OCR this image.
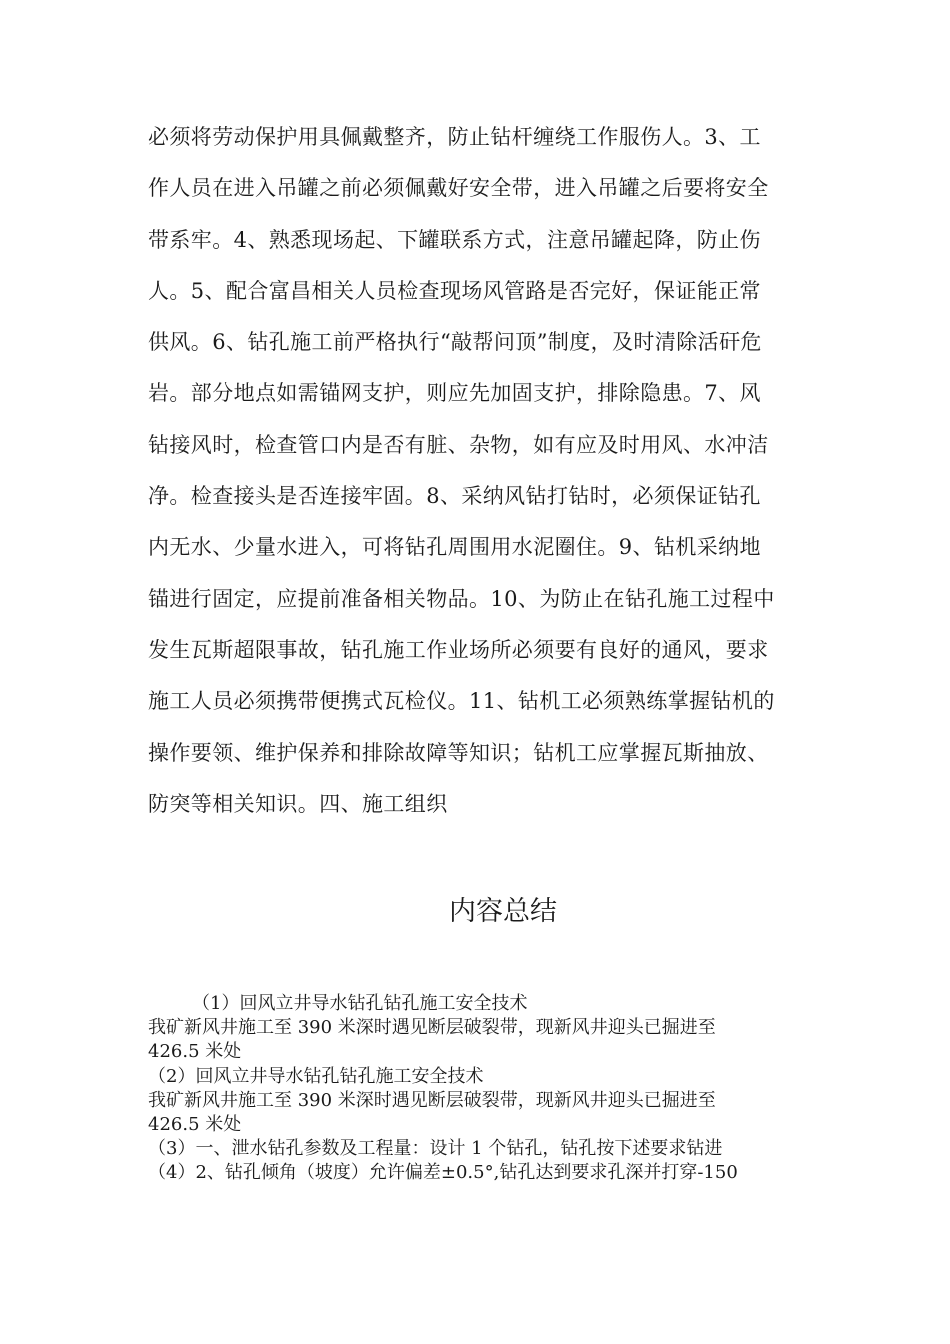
必须将劳动保护用具佩戴整齐，防止钻杆缠绕工作服伤人。3、工
作人员在进入吊罐之前必须佩戴好安全带，进入吊罐之后要将安全
带系牢。4、熟悉现场起、下罐联系方式，注意吊罐起降，防止伤
人。5、配合富昌相关人员检查现场风管路是否完好，保证能正常
供风。6、钻孔施工前严格执行“敲帮问顶”制度，及时清除活矸危
岩。部分地点如需锚网支护，则应先加固支护，排除隐患。7、风
钻接风时，检查管口内是否有脏、杂物，如有应及时用风、水冲洁
净。检查接头是否连接牢固。8、采纳风钻打钻时，必须保证钻孔
内无水、少量水进入，可将钻孔周围用水泥圈住。9、钻机采纳地
锚进行固定，应提前准备相关物品。10、为防止在钻孔施工过程中
发生瓦斯超限事故，钻孔施工作业场所必须要有良好的通风，要求
施工人员必须携带便携式瓦检仪。11、钻机工必须熟练掌握钻机的
操作要领、维护保养和排除故障等知识；钻机工应掌握瓦斯抽放、
防突等相关知识。四、施工组织
内容总结
（1）回风立井导水钻孔钻孔施工安全技术
我矿新风井施工至 390 米深时遇见断层破裂带，现新风井迎头已掘进至
426.5 米处
（2）回风立井导水钻孔钻孔施工安全技术
我矿新风井施工至 390 米深时遇见断层破裂带，现新风井迎头已掘进至
426.5 米处
（3）一、泄水钻孔参数及工程量：设计 1 个钻孔，钻孔按下述要求钻进
（4）2、钻孔倾角（坡度）允许偏差±0.5°,钻孔达到要求孔深并打穿-150
